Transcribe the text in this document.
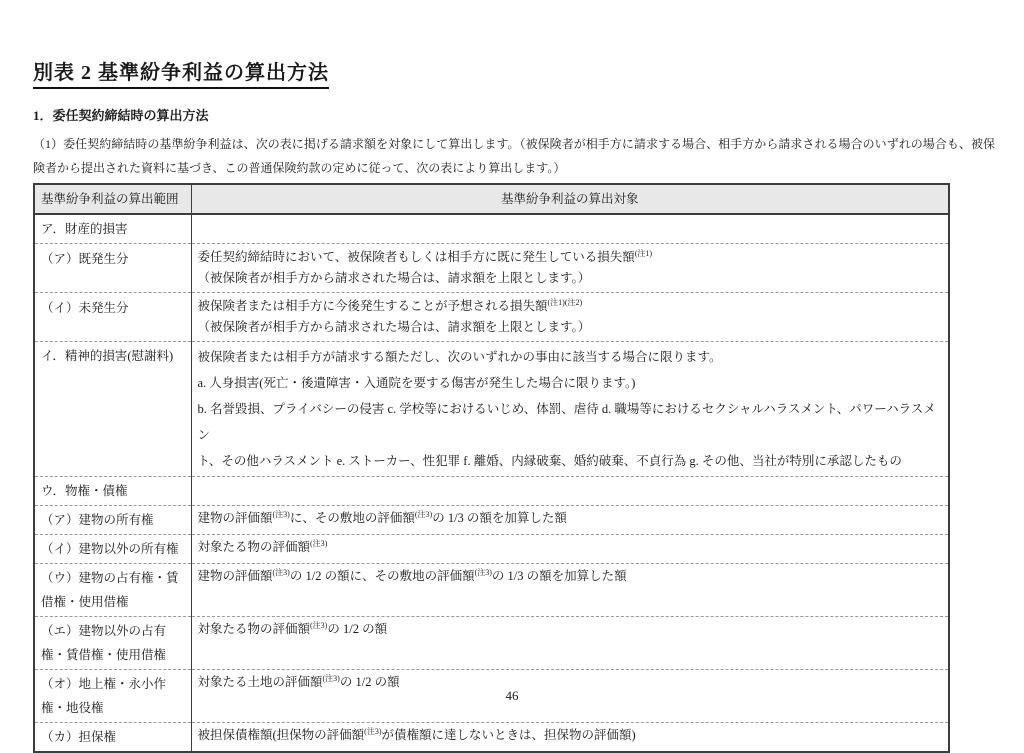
別表 2 基準紛争利益の算出方法
1．委任契約締結時の算出方法

（1）委任契約締結時の基準紛争利益は、次の表に掲げる請求額を対象にして算出します。（被保険者が相手方に請求する場合、相手方から請求される場合のいずれの場合も、被保険者から提出された資料に基づき、この普通保険約款の定めに従って、次の表により算出します。）

基準紛争利益の算出範囲	基準紛争利益の算出対象
ア．財産的損害	
（ア）既発生分	委任契約締結時において、被保険者もしくは相手方に既に発生している損失額$^{(注1)}$
（被保険者が相手方から請求された場合は、請求額を上限とします。）

（イ）未発生分	被保険者または相手方に今後発生することが予想される損失額$^{(注1)(注2)}$
（被保険者が相手方から請求された場合は、請求額を上限とします。）

イ．精神的損害(慰謝料)	被保険者または相手方が請求する額ただし、次のいずれかの事由に該当する場合に限ります。
a. 人身損害(死亡・後遺障害・入通院を要する傷害が発生した場合に限ります。)
b. 名誉毀損、プライバシーの侵害 c. 学校等におけるいじめ、体罰、虐待 d. 職場等におけるセクシャルハラスメント、パワーハラスメン
ト、その他ハラスメント e. ストーカー、性犯罪 f. 離婚、内縁破棄、婚約破棄、不貞行為 g. その他、当社が特別に承認したもの

ウ．物権・債権	
（ア）建物の所有権	建物の評価額$^{(注3)}$に、その敷地の評価額$^{(注3)}$の 1/3 の額を加算した額

（イ）建物以外の所有権	対象たる物の評価額$^{(注3)}$

（ウ）建物の占有権・賃借権・使用借権	建物の評価額$^{(注3)}$の 1/2 の額に、その敷地の評価額$^{(注3)}$の 1/3 の額を加算した額

（エ）建物以外の占有権・賃借権・使用借権	対象たる物の評価額$^{(注3)}$の 1/2 の額

（オ）地上権・永小作権・地役権	対象たる土地の評価額$^{(注3)}$の 1/2 の額

（カ）担保権	被担保債権額(担保物の評価額$^{(注3)}$が債権額に達しないときは、担保物の評価額)
46
